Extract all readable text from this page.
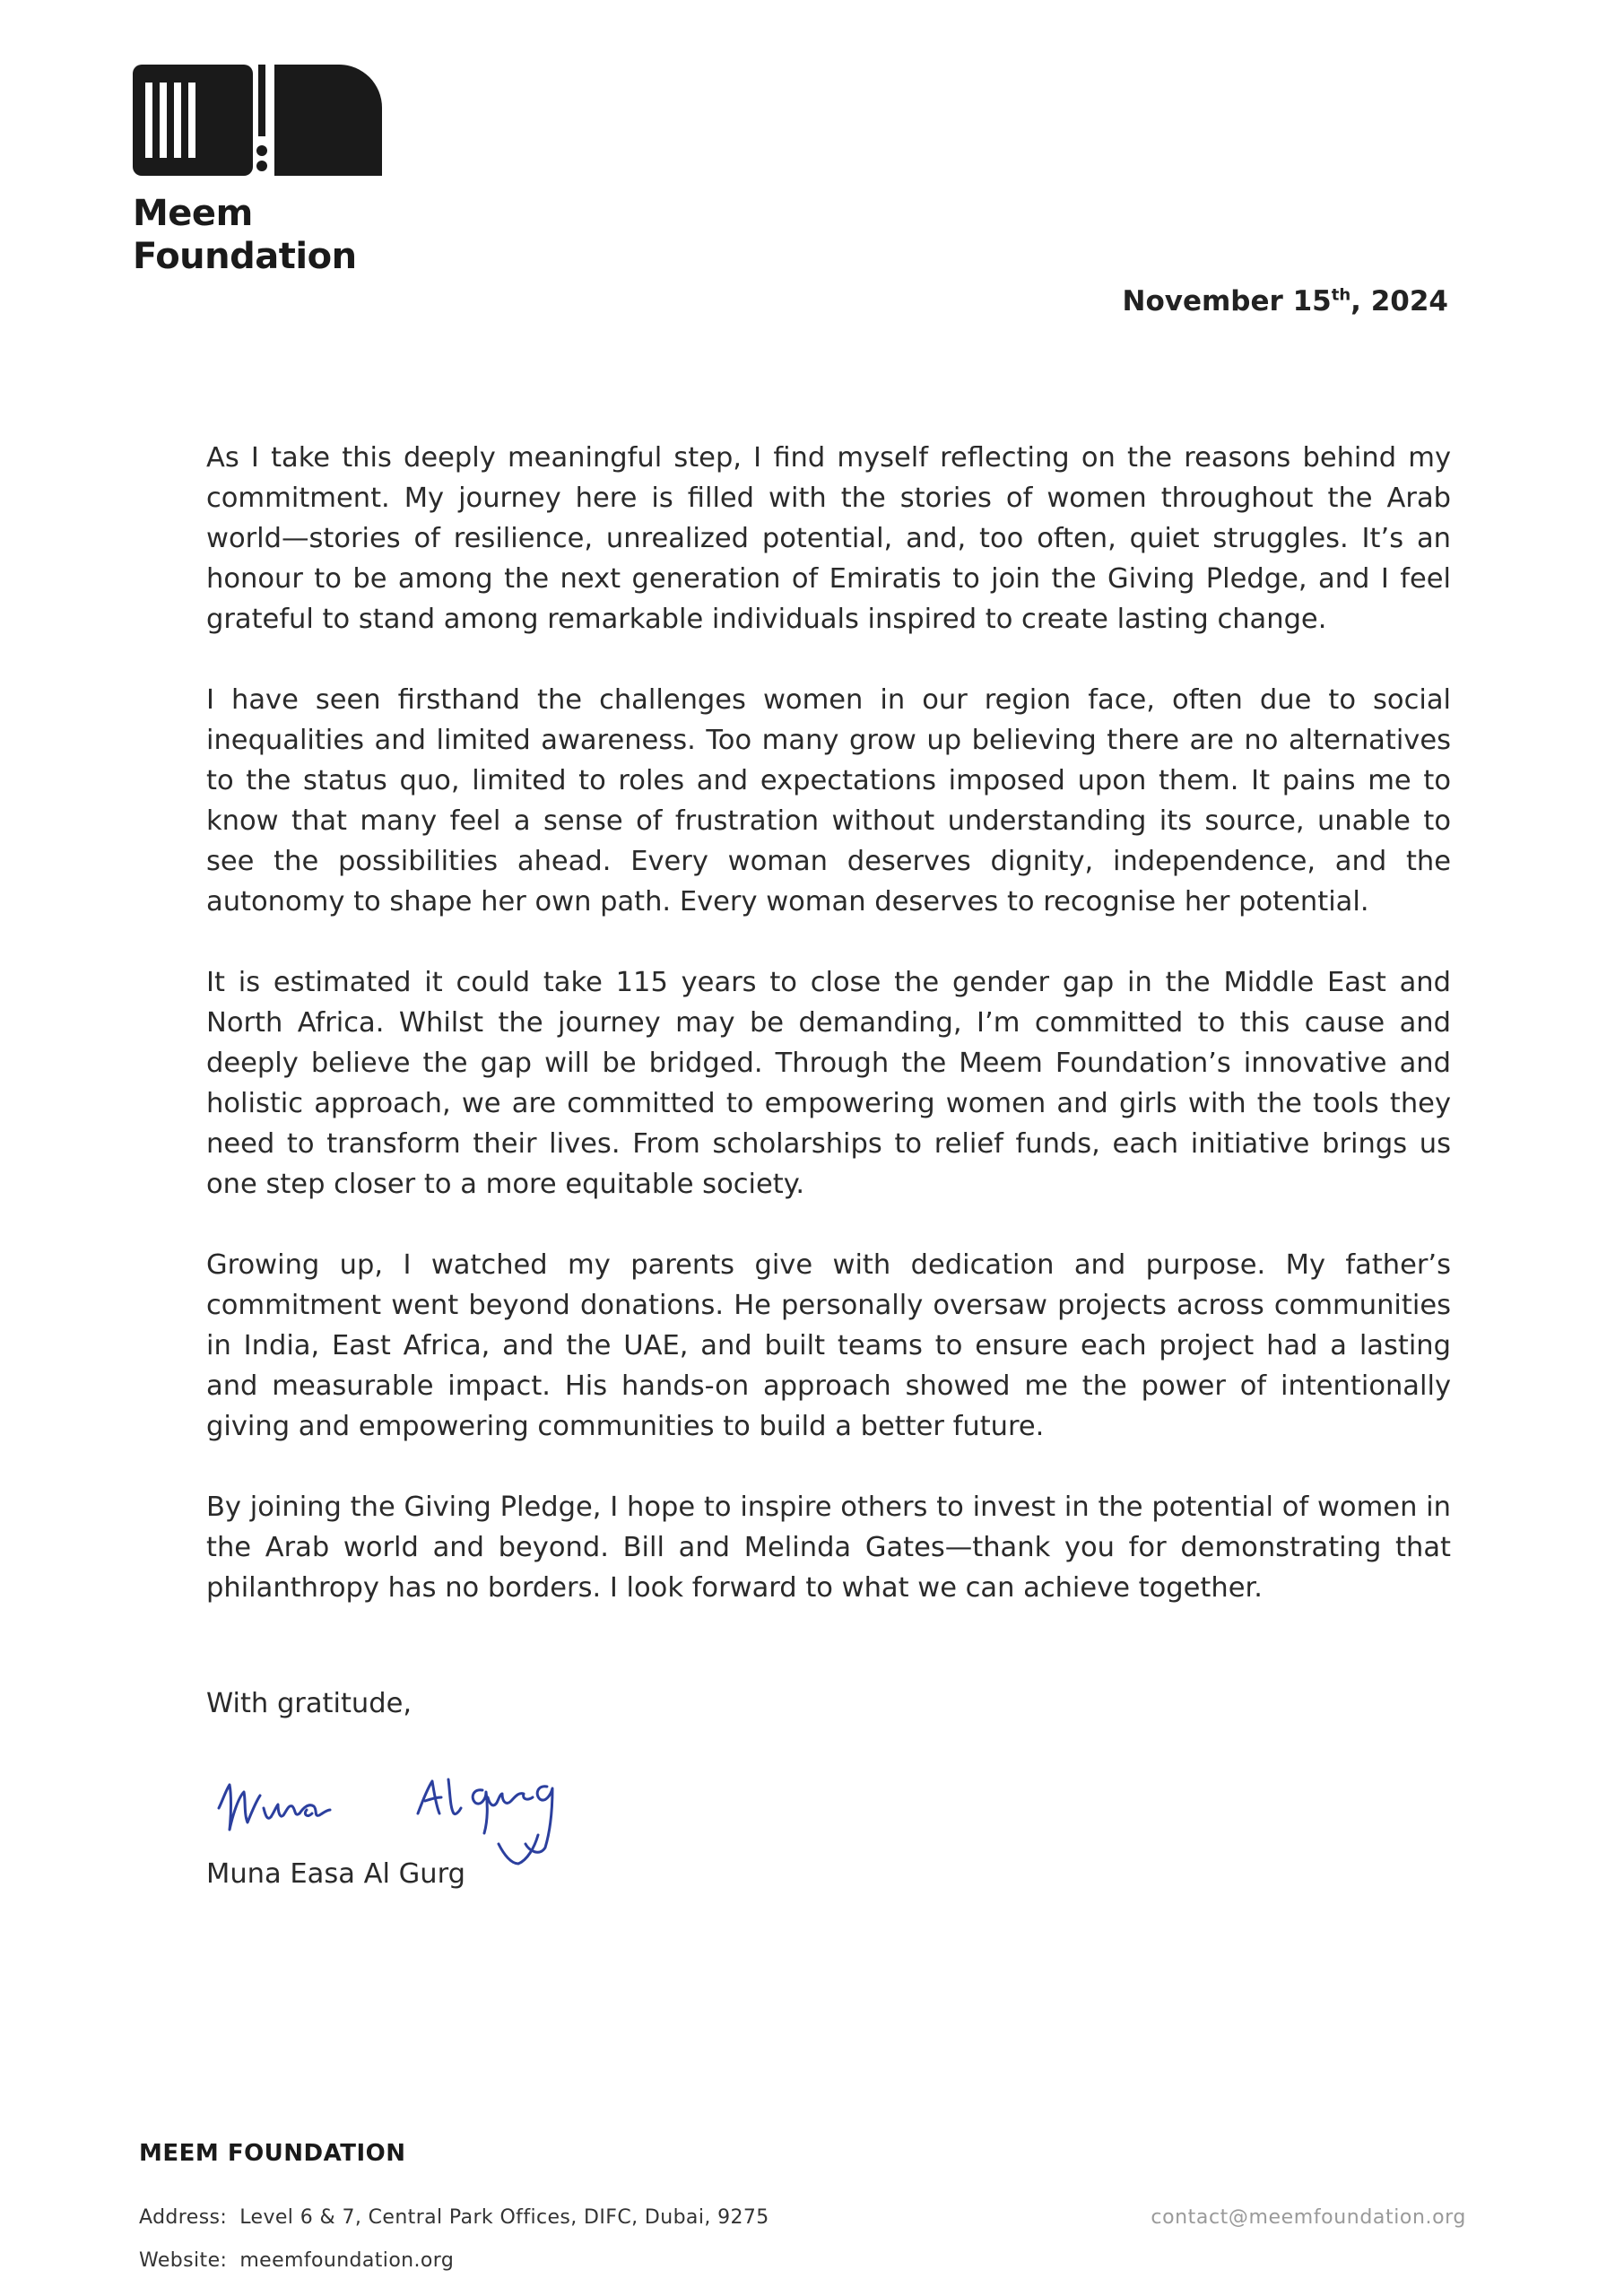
Meem
Foundation
November 15th, 2024

As I take this deeply meaningful step, I find myself reflecting on the reasons behind my commitment. My journey here is filled with the stories of women throughout the Arab world—stories of resilience, unrealized potential, and, too often, quiet struggles. It’s an honour to be among the next generation of Emiratis to join the Giving Pledge, and I feel grateful to stand among remarkable individuals inspired to create lasting change.

I have seen firsthand the challenges women in our region face, often due to social inequalities and limited awareness. Too many grow up believing there are no alternatives to the status quo, limited to roles and expectations imposed upon them. It pains me to know that many feel a sense of frustration without understanding its source, unable to see the possibilities ahead. Every woman deserves dignity, independence, and the autonomy to shape her own path. Every woman deserves to recognise her potential.

It is estimated it could take 115 years to close the gender gap in the Middle East and North Africa. Whilst the journey may be demanding, I’m committed to this cause and deeply believe the gap will be bridged. Through the Meem Foundation’s innovative and holistic approach, we are committed to empowering women and girls with the tools they need to transform their lives. From scholarships to relief funds, each initiative brings us one step closer to a more equitable society.

Growing up, I watched my parents give with dedication and purpose. My father’s commitment went beyond donations. He personally oversaw projects across communities in India, East Africa, and the UAE, and built teams to ensure each project had a lasting and measurable impact. His hands-on approach showed me the power of intentionally giving and empowering communities to build a better future.

By joining the Giving Pledge, I hope to inspire others to invest in the potential of women in the Arab world and beyond. Bill and Melinda Gates—thank you for demonstrating that philanthropy has no borders. I look forward to what we can achieve together.

With gratitude,
Muna Easa Al Gurg
MEEM FOUNDATION
Address: Level 6 & 7, Central Park Offices, DIFC, Dubai, 9275
Website: meemfoundation.org
contact@meemfoundation.org
